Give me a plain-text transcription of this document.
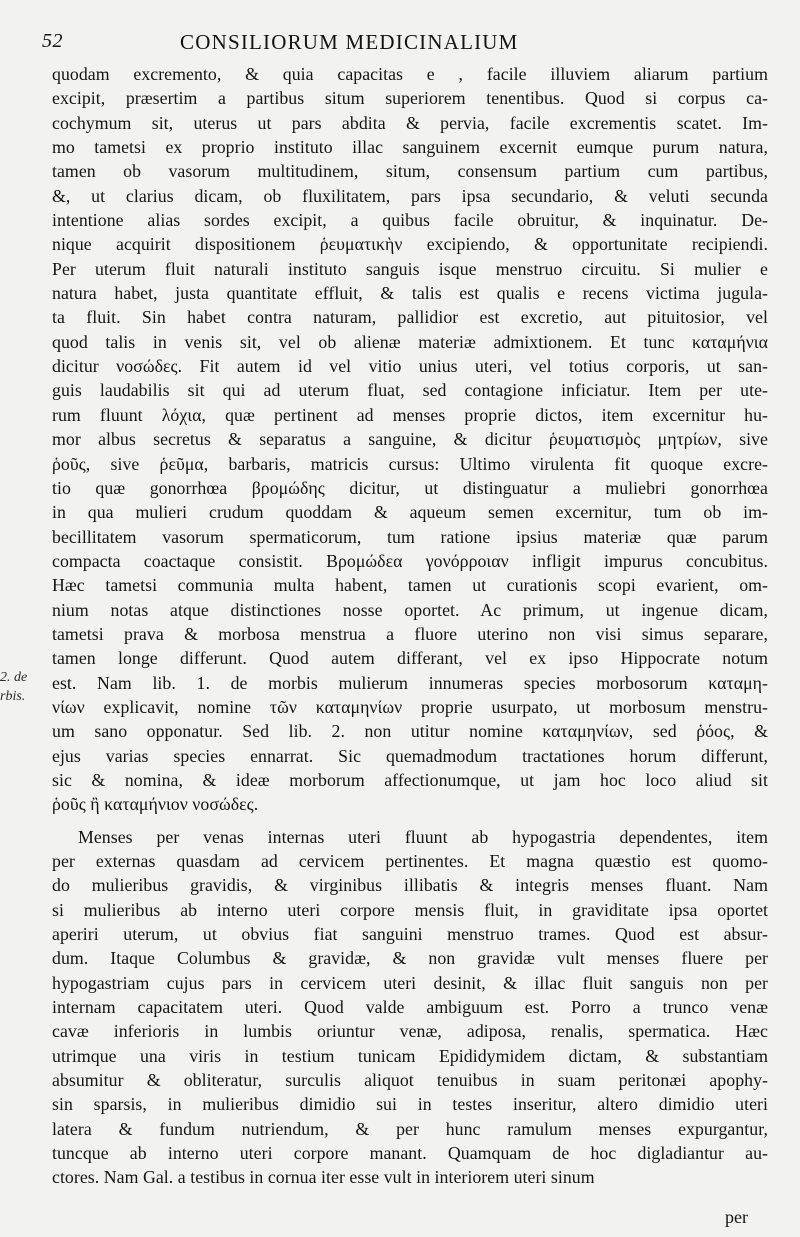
52	CONSILIORUM MEDICINALIUM
2. de
rbis.
quodam excremento, & quia capacitas e , facile illuviem aliarum partium
excipit, præsertim a partibus situm superiorem tenentibus. Quod si corpus ca-
cochymum sit, uterus ut pars abdita & pervia, facile excrementis scatet. Im-
mo tametsi ex proprio instituto illac sanguinem excernit eumque purum natura,
tamen ob vasorum multitudinem, situm, consensum partium cum partibus,
&, ut clarius dicam, ob fluxilitatem, pars ipsa secundario, & veluti secunda
intentione alias sordes excipit, a quibus facile obruitur, & inquinatur. De-
nique acquirit dispositionem ῥευματικὴν excipiendo, & opportunitate recipiendi.
Per uterum fluit naturali instituto sanguis isque menstruo circuitu. Si mulier e
natura habet, justa quantitate effluit, & talis est qualis e recens victima jugula-
ta fluit. Sin habet contra naturam, pallidior est excretio, aut pituitosior, vel
quod talis in venis sit, vel ob alienæ materiæ admixtionem. Et tunc καταμήνια
dicitur νοσώδες. Fit autem id vel vitio unius uteri, vel totius corporis, ut san-
guis laudabilis sit qui ad uterum fluat, sed contagione inficiatur. Item per ute-
rum fluunt λόχια, quæ pertinent ad menses proprie dictos, item excernitur hu-
mor albus secretus & separatus a sanguine, & dicitur ῥευματισμὸς μητρίων, sive
ῥοῦς, sive ῥεῦμα, barbaris, matricis cursus: Ultimo virulenta fit quoque excre-
tio quæ gonorrhœa βρομώδης dicitur, ut distinguatur a muliebri gonorrhœa
in qua mulieri crudum quoddam & aqueum semen excernitur, tum ob im-
becillitatem vasorum spermaticorum, tum ratione ipsius materiæ quæ parum
compacta coactaque consistit. Βρομώδεα γονόρροιαν infligit impurus concubitus.
Hæc tametsi communia multa habent, tamen ut curationis scopi evarient, om-
nium notas atque distinctiones nosse oportet. Ac primum, ut ingenue dicam,
tametsi prava & morbosa menstrua a fluore uterino non visi simus separare,
tamen longe differunt. Quod autem differant, vel ex ipso Hippocrate notum
est. Nam lib. 1. de morbis mulierum innumeras species morbosorum καταμη-
νίων explicavit, nomine τῶν καταμηνίων proprie usurpato, ut morbosum menstru-
um sano opponatur. Sed lib. 2. non utitur nomine καταμηνίων, sed ῥόος, &
ejus varias species ennarrat. Sic quemadmodum tractationes horum differunt,
sic & nomina, & ideæ morborum affectionumque, ut jam hoc loco aliud sit
ῥοῦς ἢ καταμήνιον νοσώδες.
Menses per venas internas uteri fluunt ab hypogastria dependentes, item
per externas quasdam ad cervicem pertinentes. Et magna quæstio est quomo-
do mulieribus gravidis, & virginibus illibatis & integris menses fluant. Nam
si mulieribus ab interno uteri corpore mensis fluit, in graviditate ipsa oportet
aperiri uterum, ut obvius fiat sanguini menstruo trames. Quod est absur-
dum. Itaque Columbus & gravidæ, & non gravidæ vult menses fluere per
hypogastriam cujus pars in cervicem uteri desinit, & illac fluit sanguis non per
internam capacitatem uteri. Quod valde ambiguum est. Porro a trunco venæ
cavæ inferioris in lumbis oriuntur venæ, adiposa, renalis, spermatica. Hæc
utrimque una viris in testium tunicam Epididymidem dictam, & substantiam
absumitur & obliteratur, surculis aliquot tenuibus in suam peritonæi apophy-
sin sparsis, in mulieribus dimidio sui in testes inseritur, altero dimidio uteri
latera & fundum nutriendum, & per hunc ramulum menses expurgantur,
tuncque ab interno uteri corpore manant. Quamquam de hoc digladiantur au-
ctores. Nam Gal. a testibus in cornua iter esse vult in interiorem uteri sinum
per
